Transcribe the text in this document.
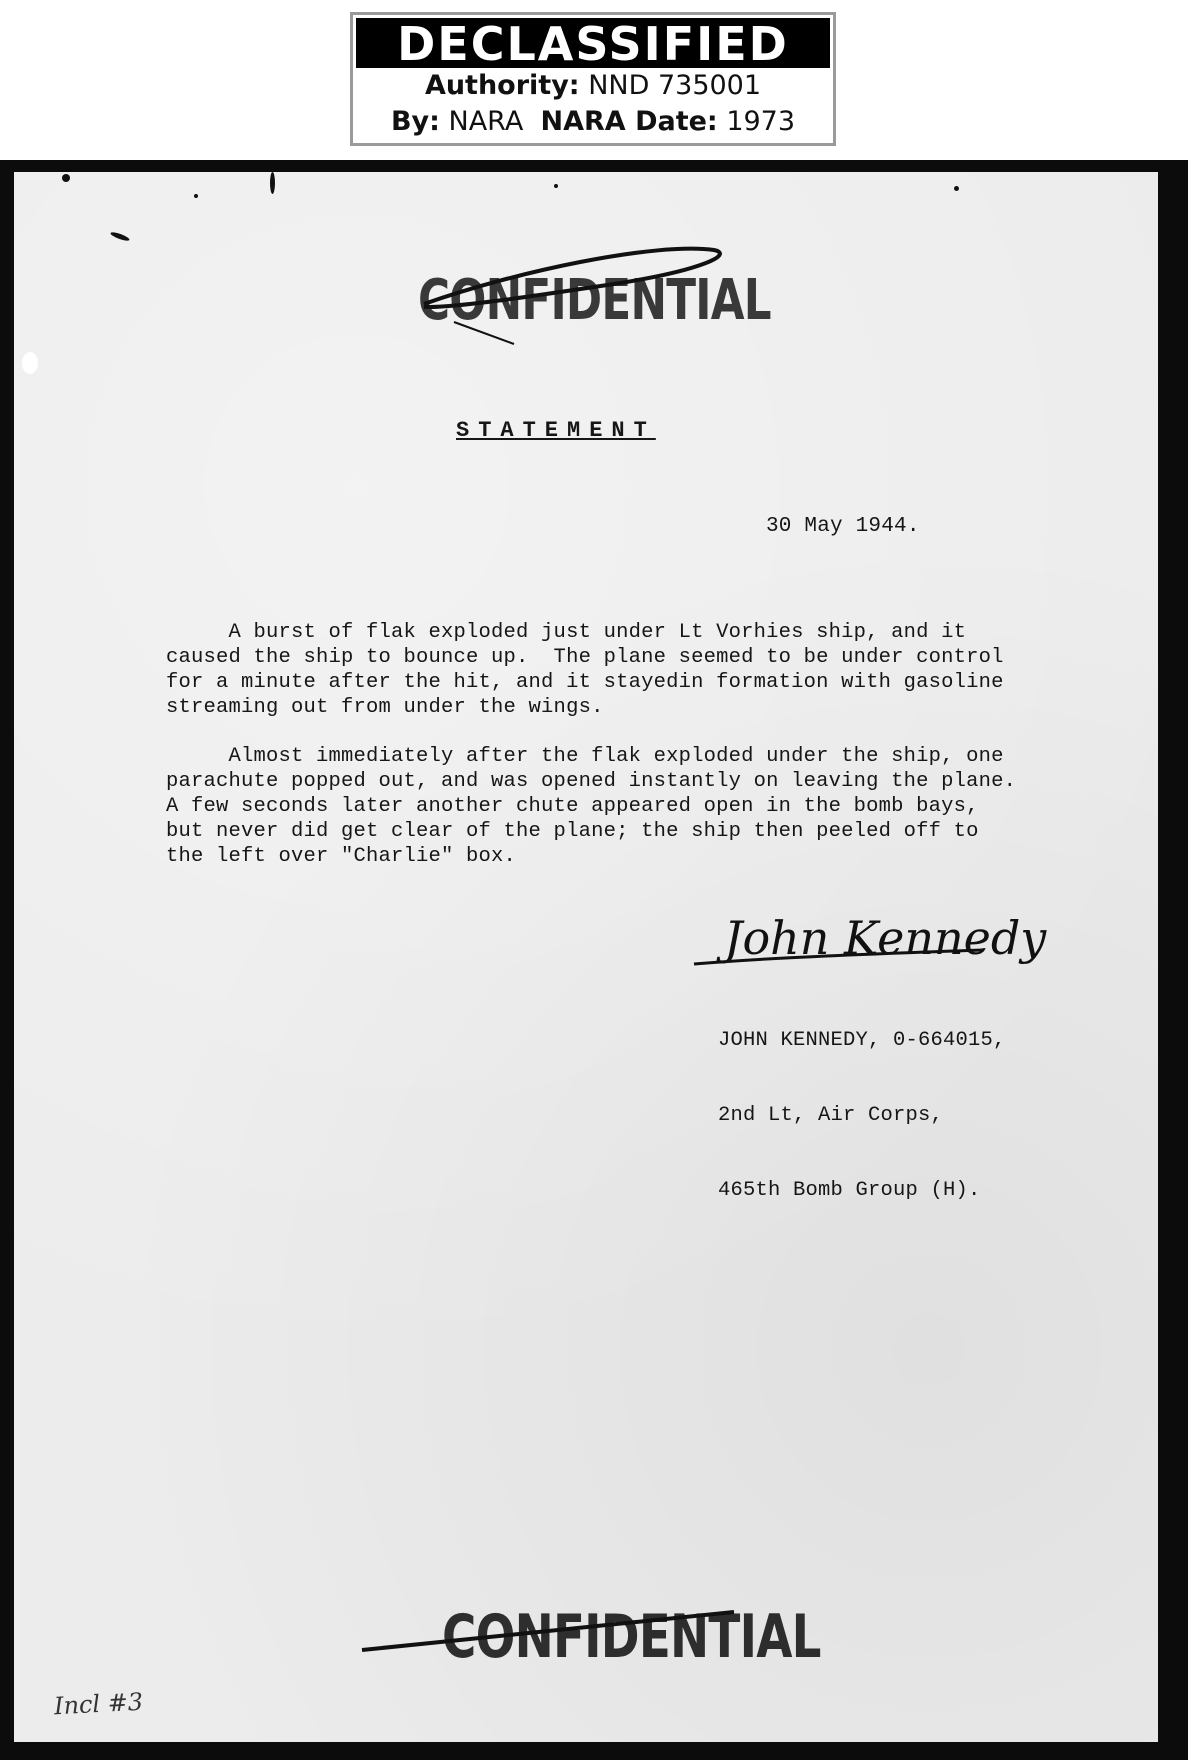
DECLASSIFIED
Authority: NND 735001
By: NARA NARA Date: 1973
CONFIDENTIAL
STATEMENT
30 May 1944.
A burst of flak exploded just under Lt Vorhies ship, and it
caused the ship to bounce up.  The plane seemed to be under control
for a minute after the hit, and it stayedin formation with gasoline
streaming out from under the wings.
Almost immediately after the flak exploded under the ship, one
parachute popped out, and was opened instantly on leaving the plane.
A few seconds later another chute appeared open in the bomb bays,
but never did get clear of the plane; the ship then peeled off to
the left over "Charlie" box.
John Kennedy

JOHN KENNEDY, 0-664015,

2nd Lt, Air Corps,

465th Bomb Group (H).

CONFIDENTIAL
Incl #3
